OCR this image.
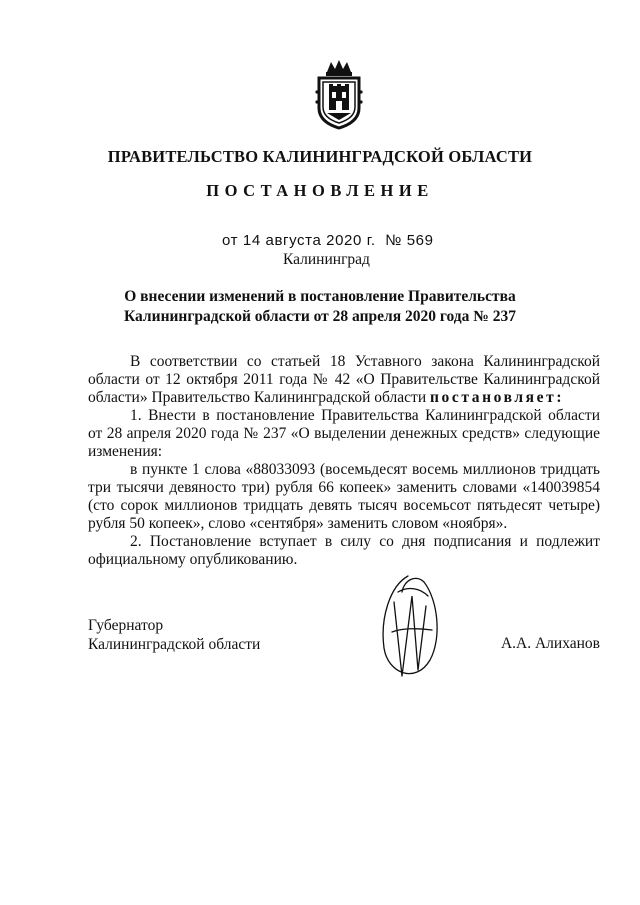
ПРАВИТЕЛЬСТВО КАЛИНИНГРАДСКОЙ ОБЛАСТИ
ПОСТАНОВЛЕНИЕ
от 14 августа 2020 г. № 569
Калининград
О внесении изменений в постановление Правительства
Калининградской области от 28 апреля 2020 года № 237

В соответствии со статьей 18 Уставного закона Калининградской области от 12 октября 2011 года № 42 «О Правительстве Калининградской области» Правительство Калининградской области постановляет:

1. Внести в постановление Правительства Калининградской области от 28 апреля 2020 года № 237 «О выделении денежных средств» следующие изменения:

в пункте 1 слова «88033093 (восемьдесят восемь миллионов тридцать три тысячи девяносто три) рубля 66 копеек» заменить словами «140039854 (сто сорок миллионов тридцать девять тысяч восемьсот пятьдесят четыре) рубля 50 копеек», слово «сентября» заменить словом «ноября».

2. Постановление вступает в силу со дня подписания и подлежит официальному опубликованию.

Губернатор
Калининградской области	А.А. Алиханов
